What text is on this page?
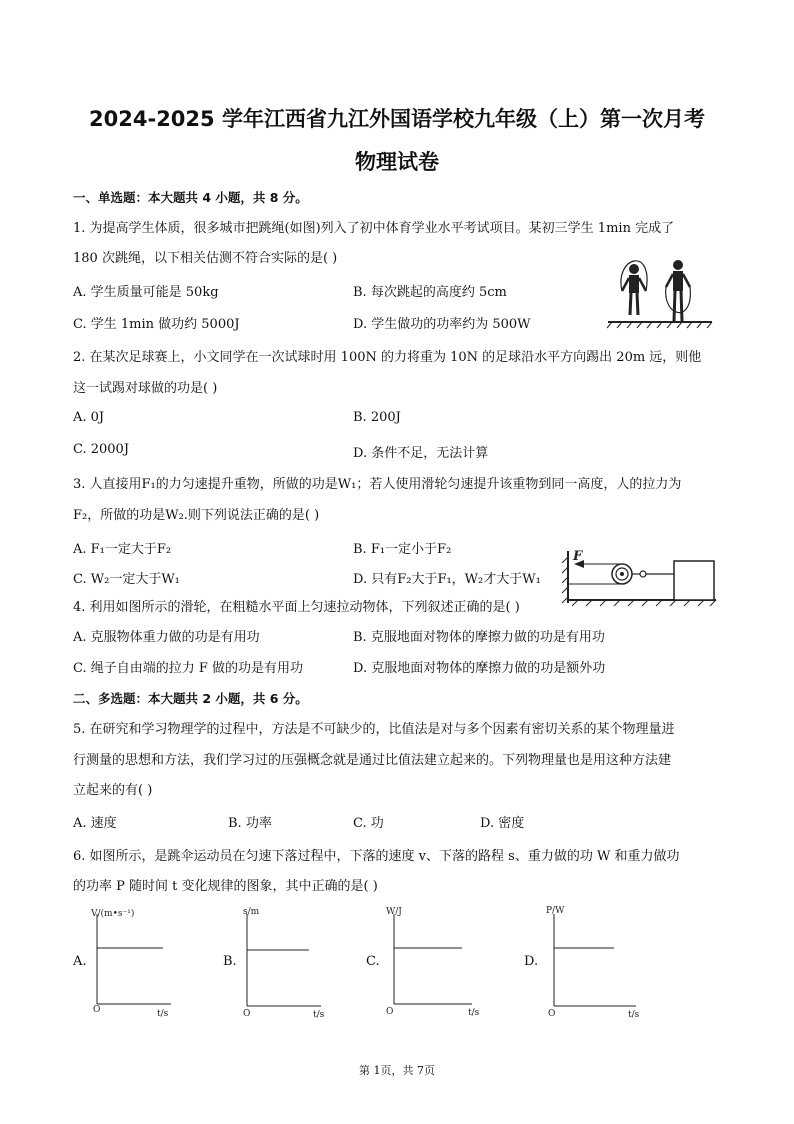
2024-2025 学年江西省九江外国语学校九年级（上）第一次月考
物理试卷
一、单选题：本大题共 4 小题，共 8 分。
1. 为提高学生体质，很多城市把跳绳(如图)列入了初中体育学业水平考试项目。某初三学生 1min 完成了
180 次跳绳，以下相关估测不符合实际的是( )
A. 学生质量可能是 50kg	B. 每次跳起的高度约 5cm
C. 学生 1min 做功约 5000J	D. 学生做功的功率约为 500W
2. 在某次足球赛上，小文同学在一次试球时用 100N 的力将重为 10N 的足球沿水平方向踢出 20m 远，则他
这一试踢对球做的功是( )
A. 0J	B. 200J
C. 2000J	D. 条件不足，无法计算
3. 人直接用F₁的力匀速提升重物，所做的功是W₁；若人使用滑轮匀速提升该重物到同一高度，人的拉力为
F₂，所做的功是W₂.则下列说法正确的是( )
A. F₁一定大于F₂	B. F₁一定小于F₂
C. W₂一定大于W₁	D. 只有F₂大于F₁，W₂才大于W₁
F
4. 利用如图所示的滑轮，在粗糙水平面上匀速拉动物体，下列叙述正确的是( )
A. 克服物体重力做的功是有用功	B. 克服地面对物体的摩擦力做的功是有用功
C. 绳子自由端的拉力 F 做的功是有用功	D. 克服地面对物体的摩擦力做的功是额外功
二、多选题：本大题共 2 小题，共 6 分。
5. 在研究和学习物理学的过程中，方法是不可缺少的，比值法是对与多个因素有密切关系的某个物理量进
行测量的思想和方法，我们学习过的压强概念就是通过比值法建立起来的。下列物理量也是用这种方法建
立起来的有( )
A. 速度	B. 功率	C. 功	D. 密度
6. 如图所示，是跳伞运动员在匀速下落过程中，下落的速度 v、下落的路程 s、重力做的功 W 和重力做功
的功率 P 随时间 t 变化规律的图象，其中正确的是( )
A.
V/(m•s⁻¹)
t/s
O
B.
s/m
t/s
O
C.
W/J
t/s
O
D.
P/W
t/s
O
第 1页，共 7页
